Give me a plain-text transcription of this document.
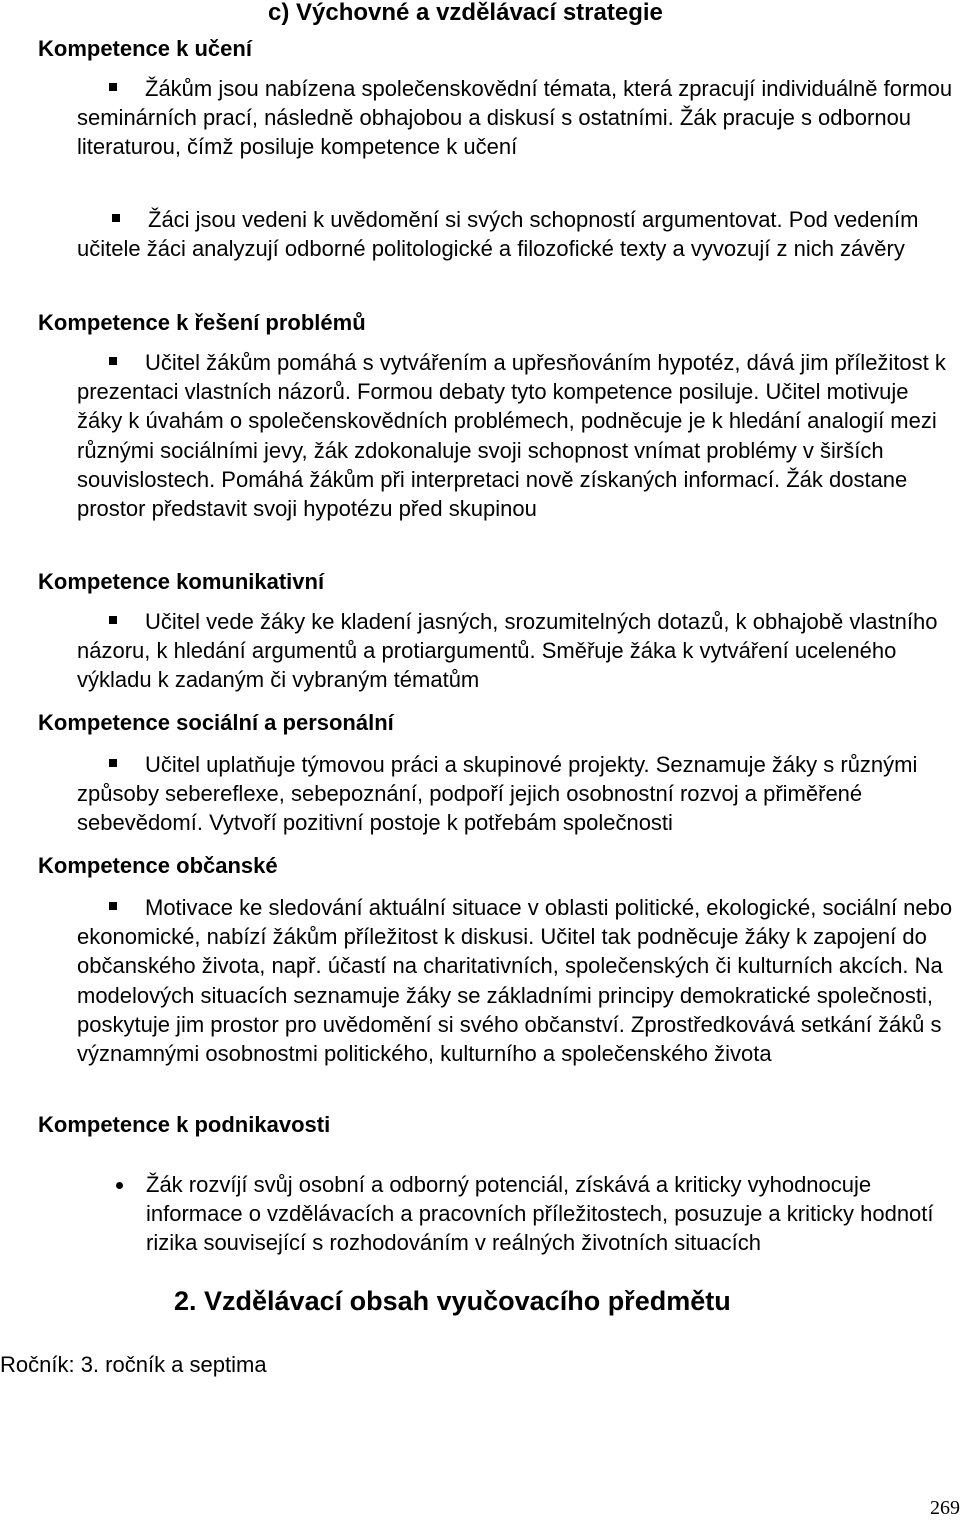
c) Výchovné a vzdělávací strategie
Kompetence k učení

Žákům jsou nabízena společenskovědní témata, která zpracují individuálně formou seminárních prací, následně obhajobou a diskusí s ostatními. Žák pracuje s odbornou literaturou, čímž posiluje kompetence k učení

Žáci jsou vedeni k uvědomění si svých schopností argumentovat. Pod vedením učitele žáci analyzují odborné politologické a filozofické texty a vyvozují z nich závěry

Kompetence k řešení problémů

Učitel žákům pomáhá s vytvářením a upřesňováním hypotéz, dává jim příležitost k prezentaci vlastních názorů. Formou debaty tyto kompetence posiluje. Učitel motivuje žáky k úvahám o společenskovědních problémech, podněcuje je k hledání analogií mezi různými sociálními jevy, žák zdokonaluje svoji schopnost vnímat problémy v širších souvislostech. Pomáhá žákům při interpretaci nově získaných informací. Žák dostane prostor představit svoji hypotézu před skupinou

Kompetence komunikativní

Učitel vede žáky ke kladení jasných, srozumitelných dotazů, k obhajobě vlastního názoru, k hledání argumentů a protiargumentů. Směřuje žáka k vytváření uceleného výkladu k zadaným či vybraným tématům

Kompetence sociální a personální

Učitel uplatňuje týmovou práci a skupinové projekty. Seznamuje žáky s různými způsoby sebereflexe, sebepoznání, podpoří jejich osobnostní rozvoj a přiměřené sebevědomí. Vytvoří pozitivní postoje k potřebám společnosti

Kompetence občanské

Motivace ke sledování aktuální situace v oblasti politické, ekologické, sociální nebo ekonomické, nabízí žákům příležitost k diskusi. Učitel tak podněcuje žáky k zapojení do občanského života, např. účastí na charitativních, společenských či kulturních akcích. Na modelových situacích seznamuje žáky se základními principy demokratické společnosti, poskytuje jim prostor pro uvědomění si svého občanství. Zprostředkovává setkání žáků s významnými osobnostmi politického, kulturního a společenského života

Kompetence k podnikavosti

Žák rozvíjí svůj osobní a odborný potenciál, získává a kriticky vyhodnocuje informace o vzdělávacích a pracovních příležitostech, posuzuje a kriticky hodnotí rizika související s rozhodováním v reálných životních situacích

2. Vzdělávací obsah vyučovacího předmětu
Ročník: 3. ročník a septima
269
